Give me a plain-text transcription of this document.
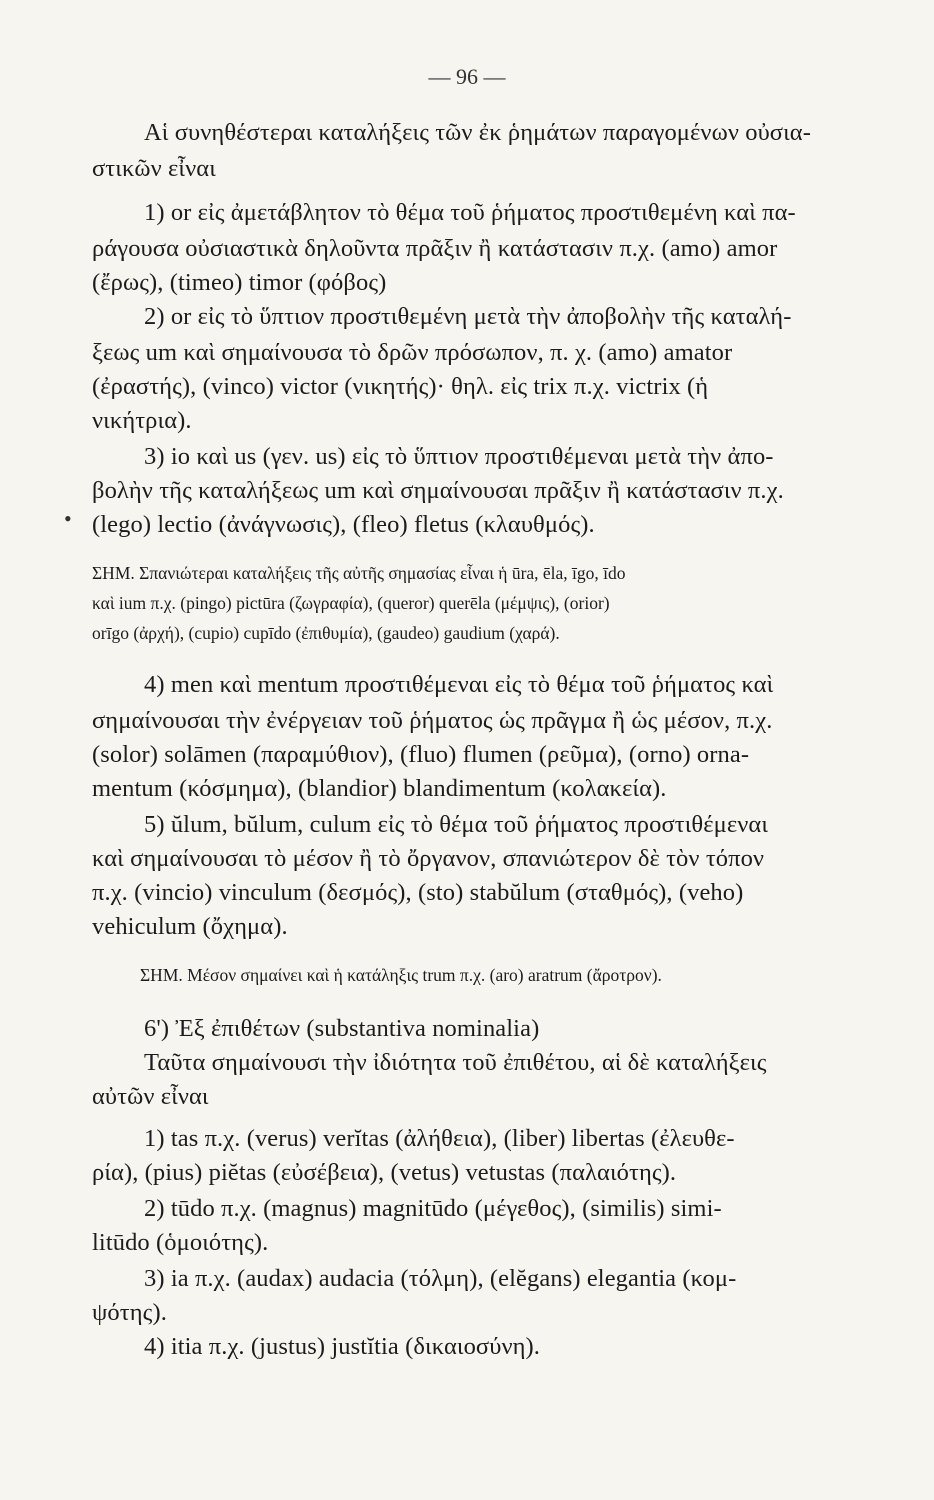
— 96 —
Αἱ συνηθέστεραι καταλήξεις τῶν ἐκ ῥημάτων παραγομένων οὐσια-
στικῶν εἶναι
1) or εἰς ἀμετάβλητον τὸ θέμα τοῦ ῥήματος προστιθεμένη καὶ πα-
ράγουσα οὐσιαστικὰ δηλοῦντα πρᾶξιν ἢ κατάστασιν π.χ. (amo) amor
(ἔρως), (timeo) timor (φόβος)
2) or εἰς τὸ ὕπτιον προστιθεμένη μετὰ τὴν ἀποβολὴν τῆς καταλή-
ξεως um καὶ σημαίνουσα τὸ δρῶν πρόσωπον, π. χ. (amo) amator
(ἐραστής), (vinco) victor (νικητής)· θηλ. εἰς trix π.χ. victrix (ἡ
νικήτρια).
3) io καὶ us (γεν. us) εἰς τὸ ὕπτιον προστιθέμεναι μετὰ τὴν ἀπο-
βολὴν τῆς καταλήξεως um καὶ σημαίνουσαι πρᾶξιν ἢ κατάστασιν π.χ.
• (lego) lectio (ἀνάγνωσις), (fleo) fletus (κλαυθμός).
ΣΗΜ. Σπανιώτεραι καταλήξεις τῆς αὐτῆς σημασίας εἶναι ἡ ūra, ēla, īgo, īdo
καὶ ium π.χ. (pingo) pictūra (ζωγραφία), (queror) querēla (μέμψις), (orior)
orīgo (ἀρχή), (cupio) cupīdo (ἐπιθυμία), (gaudeo) gaudium (χαρά).
4) men καὶ mentum προστιθέμεναι εἰς τὸ θέμα τοῦ ῥήματος καὶ
σημαίνουσαι τὴν ἐνέργειαν τοῦ ῥήματος ὡς πρᾶγμα ἢ ὡς μέσον, π.χ.
(solor) solāmen (παραμύθιον), (fluo) flumen (ρεῦμα), (orno) orna-
mentum (κόσμημα), (blandior) blandimentum (κολακεία).
5) ŭlum, bŭlum, culum εἰς τὸ θέμα τοῦ ῥήματος προστιθέμεναι
καὶ σημαίνουσαι τὸ μέσον ἢ τὸ ὄργανον, σπανιώτερον δὲ τὸν τόπον
π.χ. (vincio) vinculum (δεσμός), (sto) stabŭlum (σταθμός), (veho)
vehiculum (ὄχημα).
ΣΗΜ. Μέσον σημαίνει καὶ ἡ κατάληξις trum π.χ. (aro) aratrum (ἄροτρον).
6') Ἐξ ἐπιθέτων (substantiva nominalia)
Ταῦτα σημαίνουσι τὴν ἰδιότητα τοῦ ἐπιθέτου, αἱ δὲ καταλήξεις
αὐτῶν εἶναι
1) tas π.χ. (verus) verĭtas (ἀλήθεια), (liber) libertas (ἐλευθε-
ρία), (pius) piĕtas (εὐσέβεια), (vetus) vetustas (παλαιότης).
2) tūdo π.χ. (magnus) magnitūdo (μέγεθος), (similis) simi-
litūdo (ὁμοιότης).
3) ia π.χ. (audax) audacia (τόλμη), (elĕgans) elegantia (κομ-
ψότης).
4) itia π.χ. (justus) justĭtia (δικαιοσύνη).
